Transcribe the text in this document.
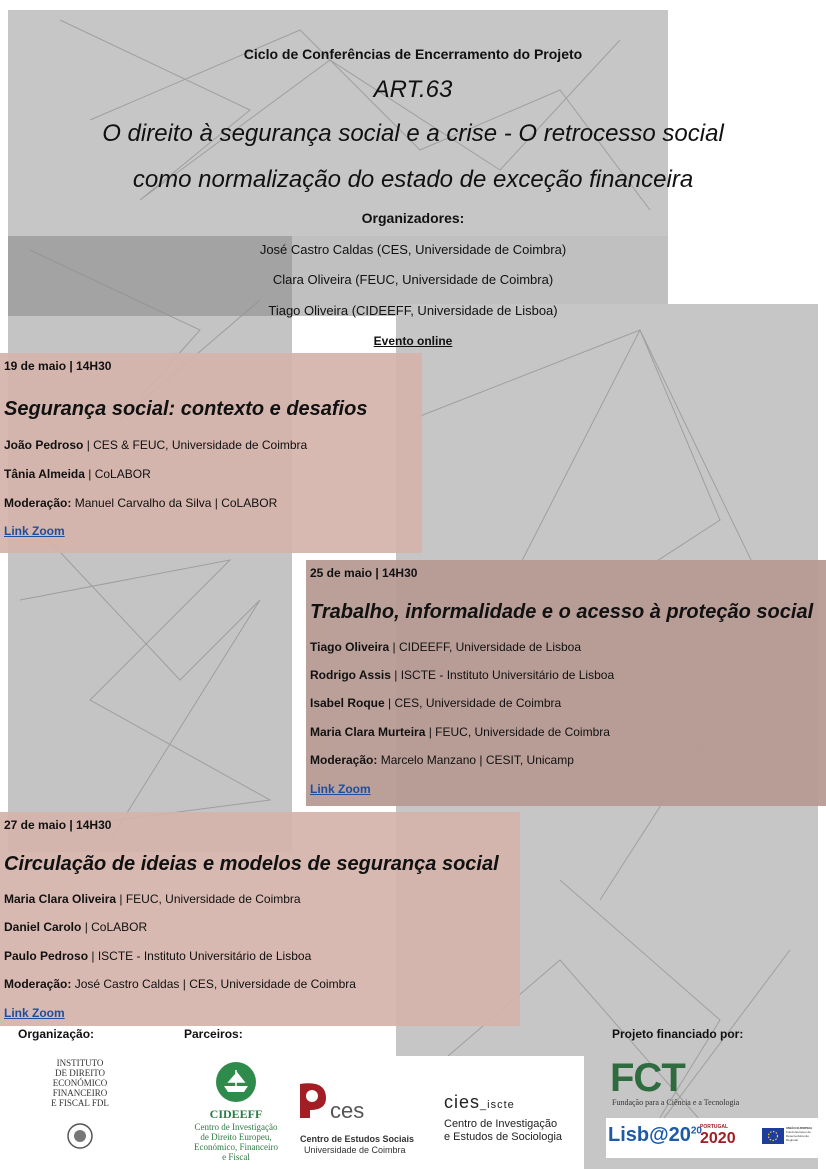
Ciclo de Conferências de Encerramento do Projeto
ART.63
O direito à segurança social e a crise - O retrocesso social
como normalização do estado de exceção financeira
Organizadores:
José Castro Caldas (CES, Universidade de Coimbra)
Clara Oliveira (FEUC, Universidade de Coimbra)
Tiago Oliveira (CIDEEFF, Universidade de Lisboa)
Evento online
19 de maio | 14H30
Segurança social: contexto e desafios
João Pedroso | CES & FEUC, Universidade de Coimbra
Tânia Almeida | CoLABOR
Moderação: Manuel Carvalho da Silva | CoLABOR
Link Zoom
25 de maio | 14H30
Trabalho, informalidade e o acesso à proteção social
Tiago Oliveira | CIDEEFF, Universidade de Lisboa
Rodrigo Assis | ISCTE - Instituto Universitário de Lisboa
Isabel Roque | CES, Universidade de Coimbra
Maria Clara Murteira | FEUC, Universidade de Coimbra
Moderação: Marcelo Manzano | CESIT, Unicamp
Link Zoom
27 de maio | 14H30
Circulação de ideias e modelos de segurança social
Maria Clara Oliveira | FEUC, Universidade de Coimbra
Daniel Carolo | CoLABOR
Paulo Pedroso | ISCTE - Instituto Universitário de Lisboa
Moderação: José Castro Caldas | CES, Universidade de Coimbra
Link Zoom
Organização:	Parceiros:	Projeto financiado por:
INSTITUTO
DE DIREITO
ECONÓMICO
FINANCEIRO
E FISCAL FDL
CIDEEFF
Centro de Investigação
de Direito Europeu,
Económico, Financeiro
e Fiscal
ces
Centro de Estudos Sociais
Universidade de Coimbra
cies_iscte
Centro de Investigação
e Estudos de Sociologia
FCT
Fundação para a Ciência e a Tecnologia
$Lisb@20^{20}$
PORTUGAL
2020
UNIÃO EUROPEIA
Fundo Europeu de Desenvolvimento Regional
